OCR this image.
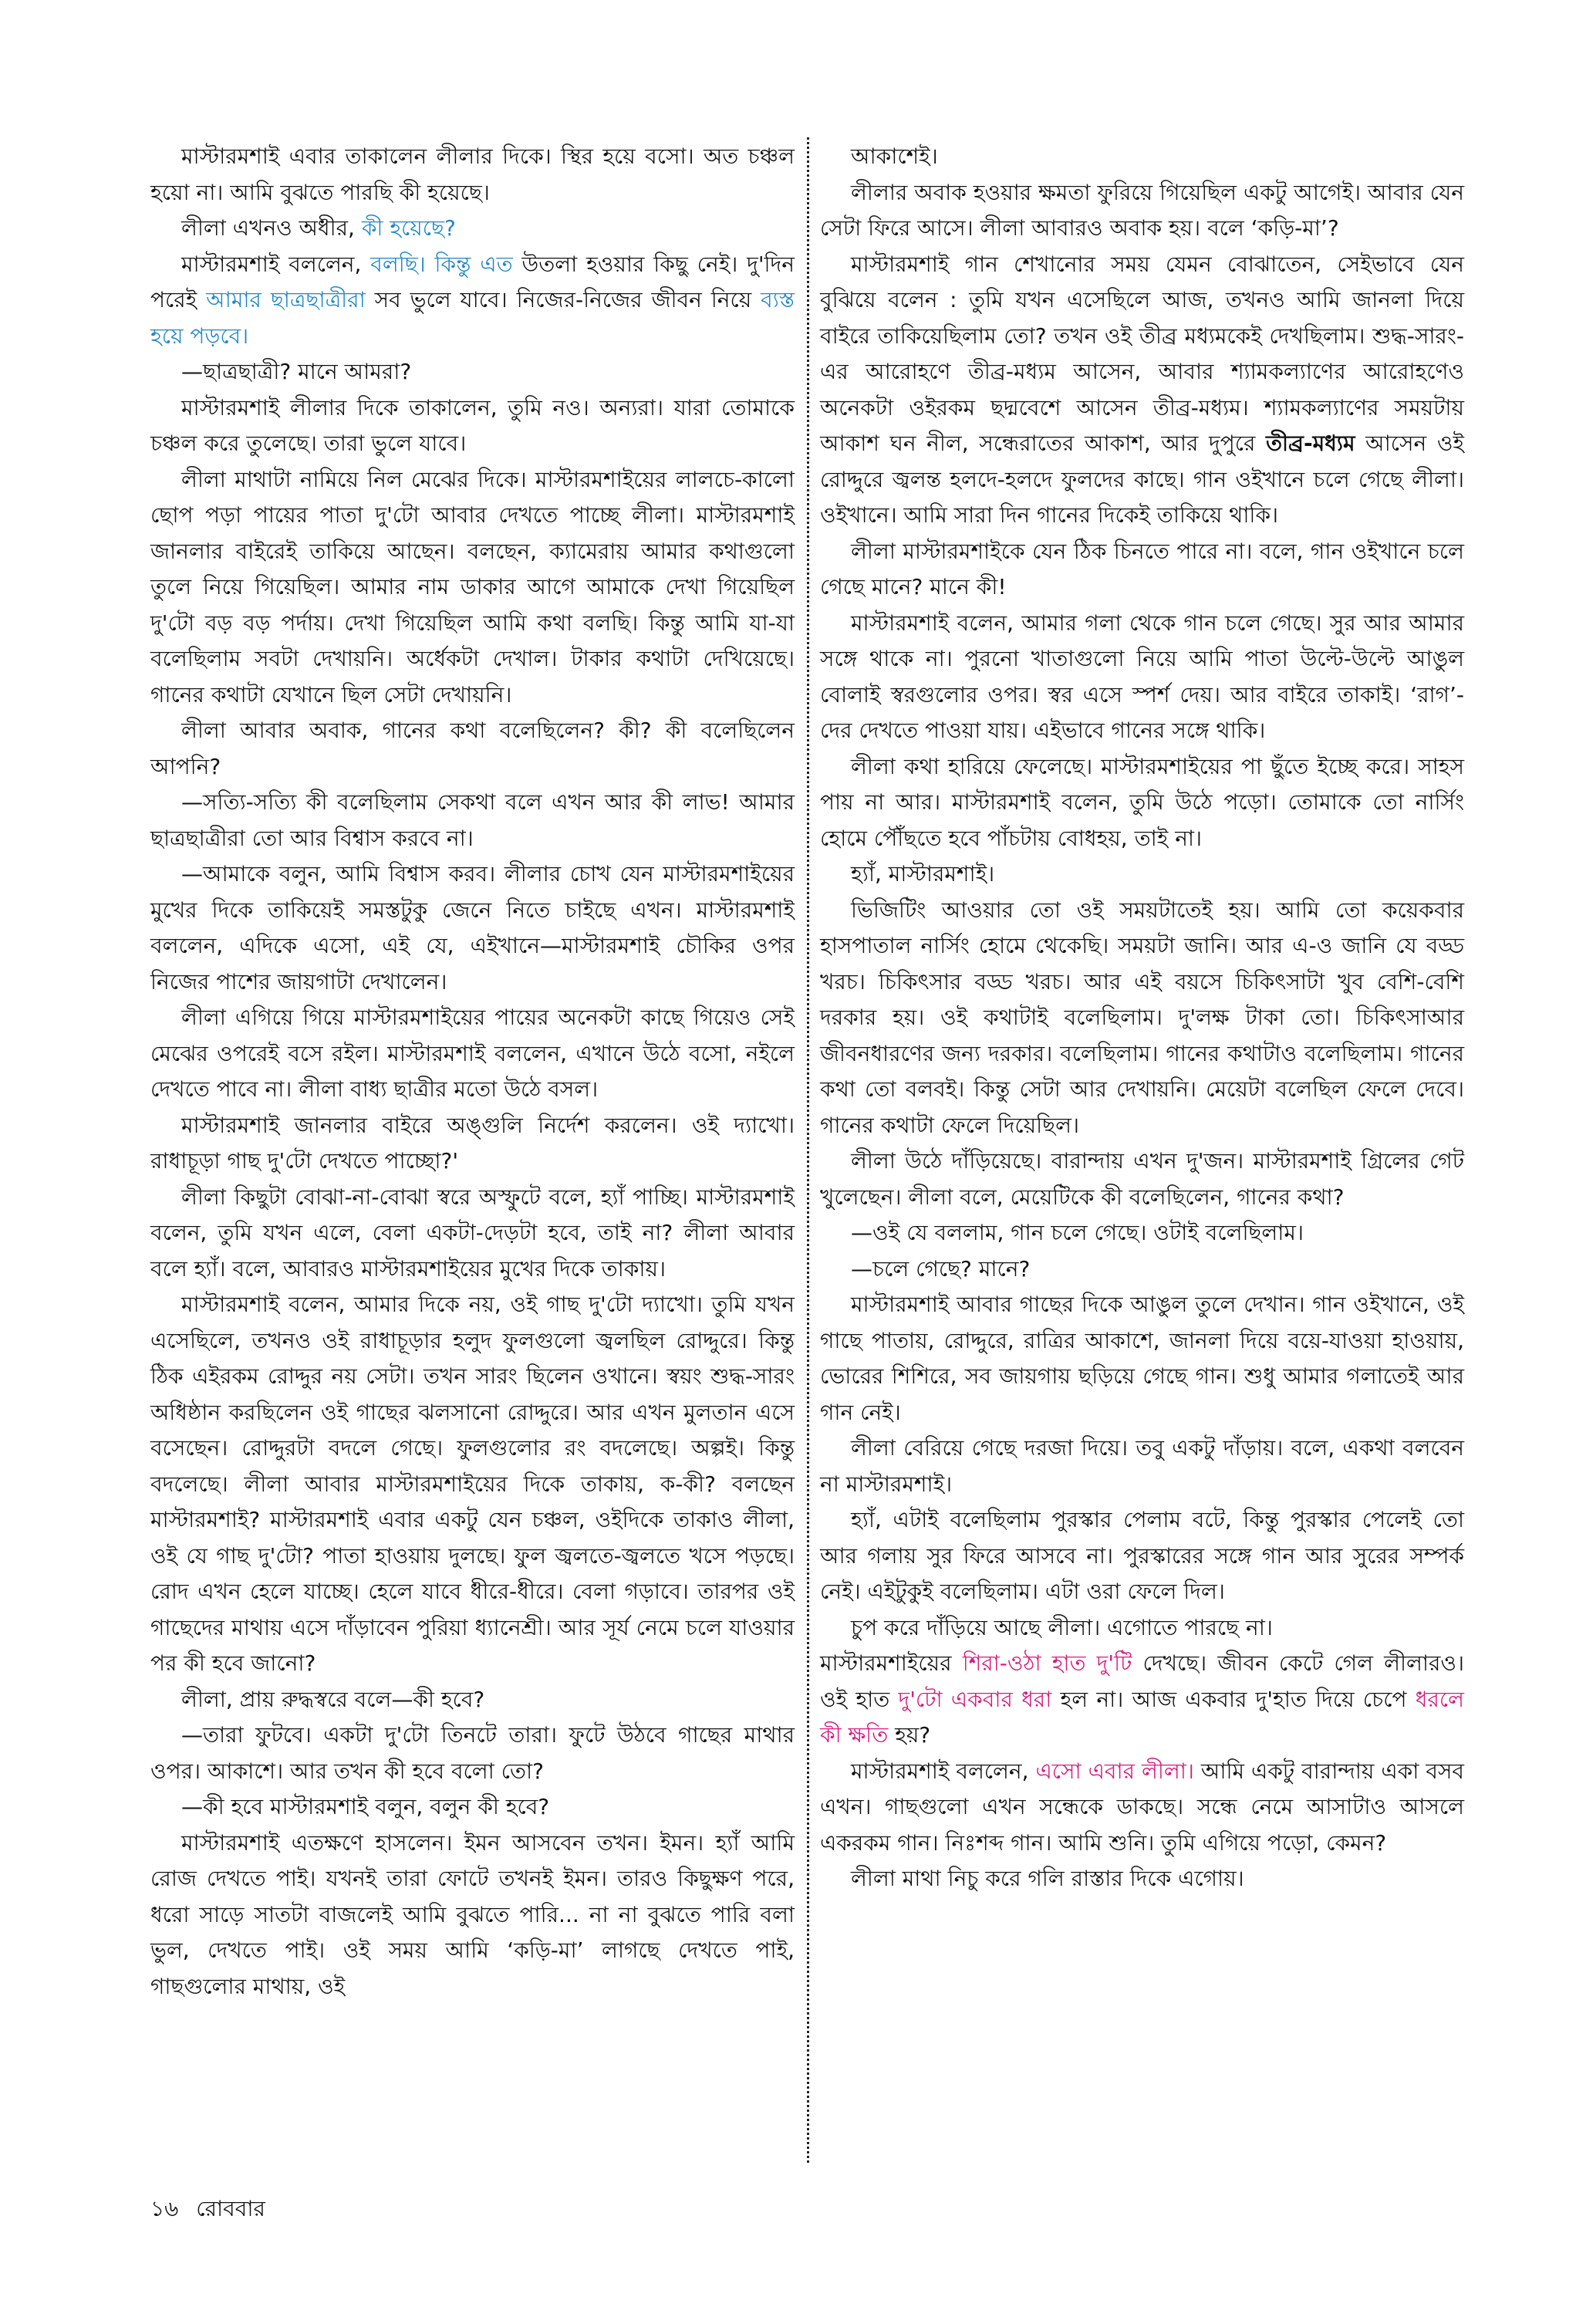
মাস্টারমশাই এবার তাকালেন লীলার দিকে। স্থির হয়ে বসো। অত চঞ্চল হয়ো না। আমি বুঝতে পারছি কী হয়েছে।

লীলা এখনও অধীর, কী হয়েছে?

মাস্টারমশাই বললেন, বলছি। কিন্তু এত উতলা হওয়ার কিছু নেই। দু'দিন পরেই আমার ছাত্রছাত্রীরা সব ভুলে যাবে। নিজের-নিজের জীবন নিয়ে ব্যস্ত হয়ে পড়বে।

—ছাত্রছাত্রী? মানে আমরা?

মাস্টারমশাই লীলার দিকে তাকালেন, তুমি নও। অন্যরা। যারা তোমাকে চঞ্চল করে তুলেছে। তারা ভুলে যাবে।

লীলা মাথাটা নামিয়ে নিল মেঝের দিকে। মাস্টারমশাইয়ের লালচে-কালো ছোপ পড়া পায়ের পাতা দু'টো আবার দেখতে পাচ্ছে লীলা। মাস্টারমশাই জানলার বাইরেই তাকিয়ে আছেন। বলছেন, ক্যামেরায় আমার কথাগুলো তুলে নিয়ে গিয়েছিল। আমার নাম ডাকার আগে আমাকে দেখা গিয়েছিল দু'টো বড় বড় পর্দায়। দেখা গিয়েছিল আমি কথা বলছি। কিন্তু আমি যা-যা বলেছিলাম সবটা দেখায়নি। অর্ধেকটা দেখাল। টাকার কথাটা দেখিয়েছে। গানের কথাটা যেখানে ছিল সেটা দেখায়নি।

লীলা আবার অবাক, গানের কথা বলেছিলেন? কী? কী বলেছিলেন আপনি?

—সত্যি-সত্যি কী বলেছিলাম সেকথা বলে এখন আর কী লাভ! আমার ছাত্রছাত্রীরা তো আর বিশ্বাস করবে না।

—আমাকে বলুন, আমি বিশ্বাস করব। লীলার চোখ যেন মাস্টারমশাইয়ের মুখের দিকে তাকিয়েই সমস্তটুকু জেনে নিতে চাইছে এখন। মাস্টারমশাই বললেন, এদিকে এসো, এই যে, এইখানে—মাস্টারমশাই চৌকির ওপর নিজের পাশের জায়গাটা দেখালেন।

লীলা এগিয়ে গিয়ে মাস্টারমশাইয়ের পায়ের অনেকটা কাছে গিয়েও সেই মেঝের ওপরেই বসে রইল। মাস্টারমশাই বললেন, এখানে উঠে বসো, নইলে দেখতে পাবে না। লীলা বাধ্য ছাত্রীর মতো উঠে বসল।

মাস্টারমশাই জানলার বাইরে অঙ্গুলি নির্দেশ করলেন। ওই দ্যাখো। রাধাচূড়া গাছ দু'টো দেখতে পাচ্ছো?'

লীলা কিছুটা বোঝা-না-বোঝা স্বরে অস্ফুটে বলে, হ্যাঁ পাচ্ছি। মাস্টারমশাই বলেন, তুমি যখন এলে, বেলা একটা-দেড়টা হবে, তাই না? লীলা আবার বলে হ্যাঁ। বলে, আবারও মাস্টারমশাইয়ের মুখের দিকে তাকায়।

মাস্টারমশাই বলেন, আমার দিকে নয়, ওই গাছ দু'টো দ্যাখো। তুমি যখন এসেছিলে, তখনও ওই রাধাচূড়ার হলুদ ফুলগুলো জ্বলছিল রোদ্দুরে। কিন্তু ঠিক এইরকম রোদ্দুর নয় সেটা। তখন সারং ছিলেন ওখানে। স্বয়ং শুদ্ধ-সারং অধিষ্ঠান করছিলেন ওই গাছের ঝলসানো রোদ্দুরে। আর এখন মুলতান এসে বসেছেন। রোদ্দুরটা বদলে গেছে। ফুলগুলোর রং বদলেছে। অল্পই। কিন্তু বদলেছে। লীলা আবার মাস্টারমশাইয়ের দিকে তাকায়, ক-কী? বলছেন মাস্টারমশাই? মাস্টারমশাই এবার একটু যেন চঞ্চল, ওইদিকে তাকাও লীলা, ওই যে গাছ দু'টো? পাতা হাওয়ায় দুলছে। ফুল জ্বলতে-জ্বলতে খসে পড়ছে। রোদ এখন হেলে যাচ্ছে। হেলে যাবে ধীরে-ধীরে। বেলা গড়াবে। তারপর ওই গাছেদের মাথায় এসে দাঁড়াবেন পুরিয়া ধ্যানেশ্রী। আর সূর্য নেমে চলে যাওয়ার পর কী হবে জানো?

লীলা, প্রায় রুদ্ধস্বরে বলে—কী হবে?

—তারা ফুটবে। একটা দু'টো তিনটে তারা। ফুটে উঠবে গাছের মাথার ওপর। আকাশে। আর তখন কী হবে বলো তো?

—কী হবে মাস্টারমশাই বলুন, বলুন কী হবে?

মাস্টারমশাই এতক্ষণে হাসলেন। ইমন আসবেন তখন। ইমন। হ্যাঁ আমি রোজ দেখতে পাই। যখনই তারা ফোটে তখনই ইমন। তারও কিছুক্ষণ পরে, ধরো সাড়ে সাতটা বাজলেই আমি বুঝতে পারি... না না বুঝতে পারি বলা ভুল, দেখতে পাই। ওই সময় আমি ‘কড়ি-মা’ লাগছে দেখতে পাই, গাছগুলোর মাথায়, ওই

আকাশেই।

লীলার অবাক হওয়ার ক্ষমতা ফুরিয়ে গিয়েছিল একটু আগেই। আবার যেন সেটা ফিরে আসে। লীলা আবারও অবাক হয়। বলে ‘কড়ি-মা’?

মাস্টারমশাই গান শেখানোর সময় যেমন বোঝাতেন, সেইভাবে যেন বুঝিয়ে বলেন : তুমি যখন এসেছিলে আজ, তখনও আমি জানলা দিয়ে বাইরে তাকিয়েছিলাম তো? তখন ওই তীব্র মধ্যমকেই দেখছিলাম। শুদ্ধ-সারং-এর আরোহণে তীব্র-মধ্যম আসেন, আবার শ্যামকল্যাণের আরোহণেও অনেকটা ওইরকম ছদ্মবেশে আসেন তীব্র-মধ্যম। শ্যামকল্যাণের সময়টায় আকাশ ঘন নীল, সন্ধেরাতের আকাশ, আর দুপুরে তীব্র-মধ্যম আসেন ওই রোদ্দুরে জ্বলন্ত হলদে-হলদে ফুলদের কাছে। গান ওইখানে চলে গেছে লীলা। ওইখানে। আমি সারা দিন গানের দিকেই তাকিয়ে থাকি।

লীলা মাস্টারমশাইকে যেন ঠিক চিনতে পারে না। বলে, গান ওইখানে চলে গেছে মানে? মানে কী!

মাস্টারমশাই বলেন, আমার গলা থেকে গান চলে গেছে। সুর আর আমার সঙ্গে থাকে না। পুরনো খাতাগুলো নিয়ে আমি পাতা উল্টে-উল্টে আঙুল বোলাই স্বরগুলোর ওপর। স্বর এসে স্পর্শ দেয়। আর বাইরে তাকাই। ‘রাগ’-দের দেখতে পাওয়া যায়। এইভাবে গানের সঙ্গে থাকি।

লীলা কথা হারিয়ে ফেলেছে। মাস্টারমশাইয়ের পা ছুঁতে ইচ্ছে করে। সাহস পায় না আর। মাস্টারমশাই বলেন, তুমি উঠে পড়ো। তোমাকে তো নার্সিং হোমে পৌঁছতে হবে পাঁচটায় বোধহয়, তাই না।

হ্যাঁ, মাস্টারমশাই।

ভিজিটিং আওয়ার তো ওই সময়টাতেই হয়। আমি তো কয়েকবার হাসপাতাল নার্সিং হোমে থেকেছি। সময়টা জানি। আর এ-ও জানি যে বড্ড খরচ। চিকিৎসার বড্ড খরচ। আর এই বয়সে চিকিৎসাটা খুব বেশি-বেশি দরকার হয়। ওই কথাটাই বলেছিলাম। দু'লক্ষ টাকা তো। চিকিৎসাআর জীবনধারণের জন্য দরকার। বলেছিলাম। গানের কথাটাও বলেছিলাম। গানের কথা তো বলবই। কিন্তু সেটা আর দেখায়নি। মেয়েটা বলেছিল ফেলে দেবে। গানের কথাটা ফেলে দিয়েছিল।

লীলা উঠে দাঁড়িয়েছে। বারান্দায় এখন দু'জন। মাস্টারমশাই গ্রিলের গেট খুলেছেন। লীলা বলে, মেয়েটিকে কী বলেছিলেন, গানের কথা?

—ওই যে বললাম, গান চলে গেছে। ওটাই বলেছিলাম।

—চলে গেছে? মানে?

মাস্টারমশাই আবার গাছের দিকে আঙুল তুলে দেখান। গান ওইখানে, ওই গাছে পাতায়, রোদ্দুরে, রাত্রির আকাশে, জানলা দিয়ে বয়ে-যাওয়া হাওয়ায়, ভোরের শিশিরে, সব জায়গায় ছড়িয়ে গেছে গান। শুধু আমার গলাতেই আর গান নেই।

লীলা বেরিয়ে গেছে দরজা দিয়ে। তবু একটু দাঁড়ায়। বলে, একথা বলবেন না মাস্টারমশাই।

হ্যাঁ, এটাই বলেছিলাম পুরস্কার পেলাম বটে, কিন্তু পুরস্কার পেলেই তো আর গলায় সুর ফিরে আসবে না। পুরস্কারের সঙ্গে গান আর সুরের সম্পর্ক নেই। এইটুকুই বলেছিলাম। এটা ওরা ফেলে দিল।

চুপ করে দাঁড়িয়ে আছে লীলা। এগোতে পারছে না।

মাস্টারমশাইয়ের শিরা-ওঠা হাত দু'টি দেখছে। জীবন কেটে গেল লীলারও। ওই হাত দু'টো একবার ধরা হল না। আজ একবার দু'হাত দিয়ে চেপে ধরলে কী ক্ষতি হয়?

মাস্টারমশাই বললেন, এসো এবার লীলা। আমি একটু বারান্দায় একা বসব এখন। গাছগুলো এখন সন্ধেকে ডাকছে। সন্ধে নেমে আসাটাও আসলে একরকম গান। নিঃশব্দ গান। আমি শুনি। তুমি এগিয়ে পড়ো, কেমন?

লীলা মাথা নিচু করে গলি রাস্তার দিকে এগোয়।

১৬ রোববার
